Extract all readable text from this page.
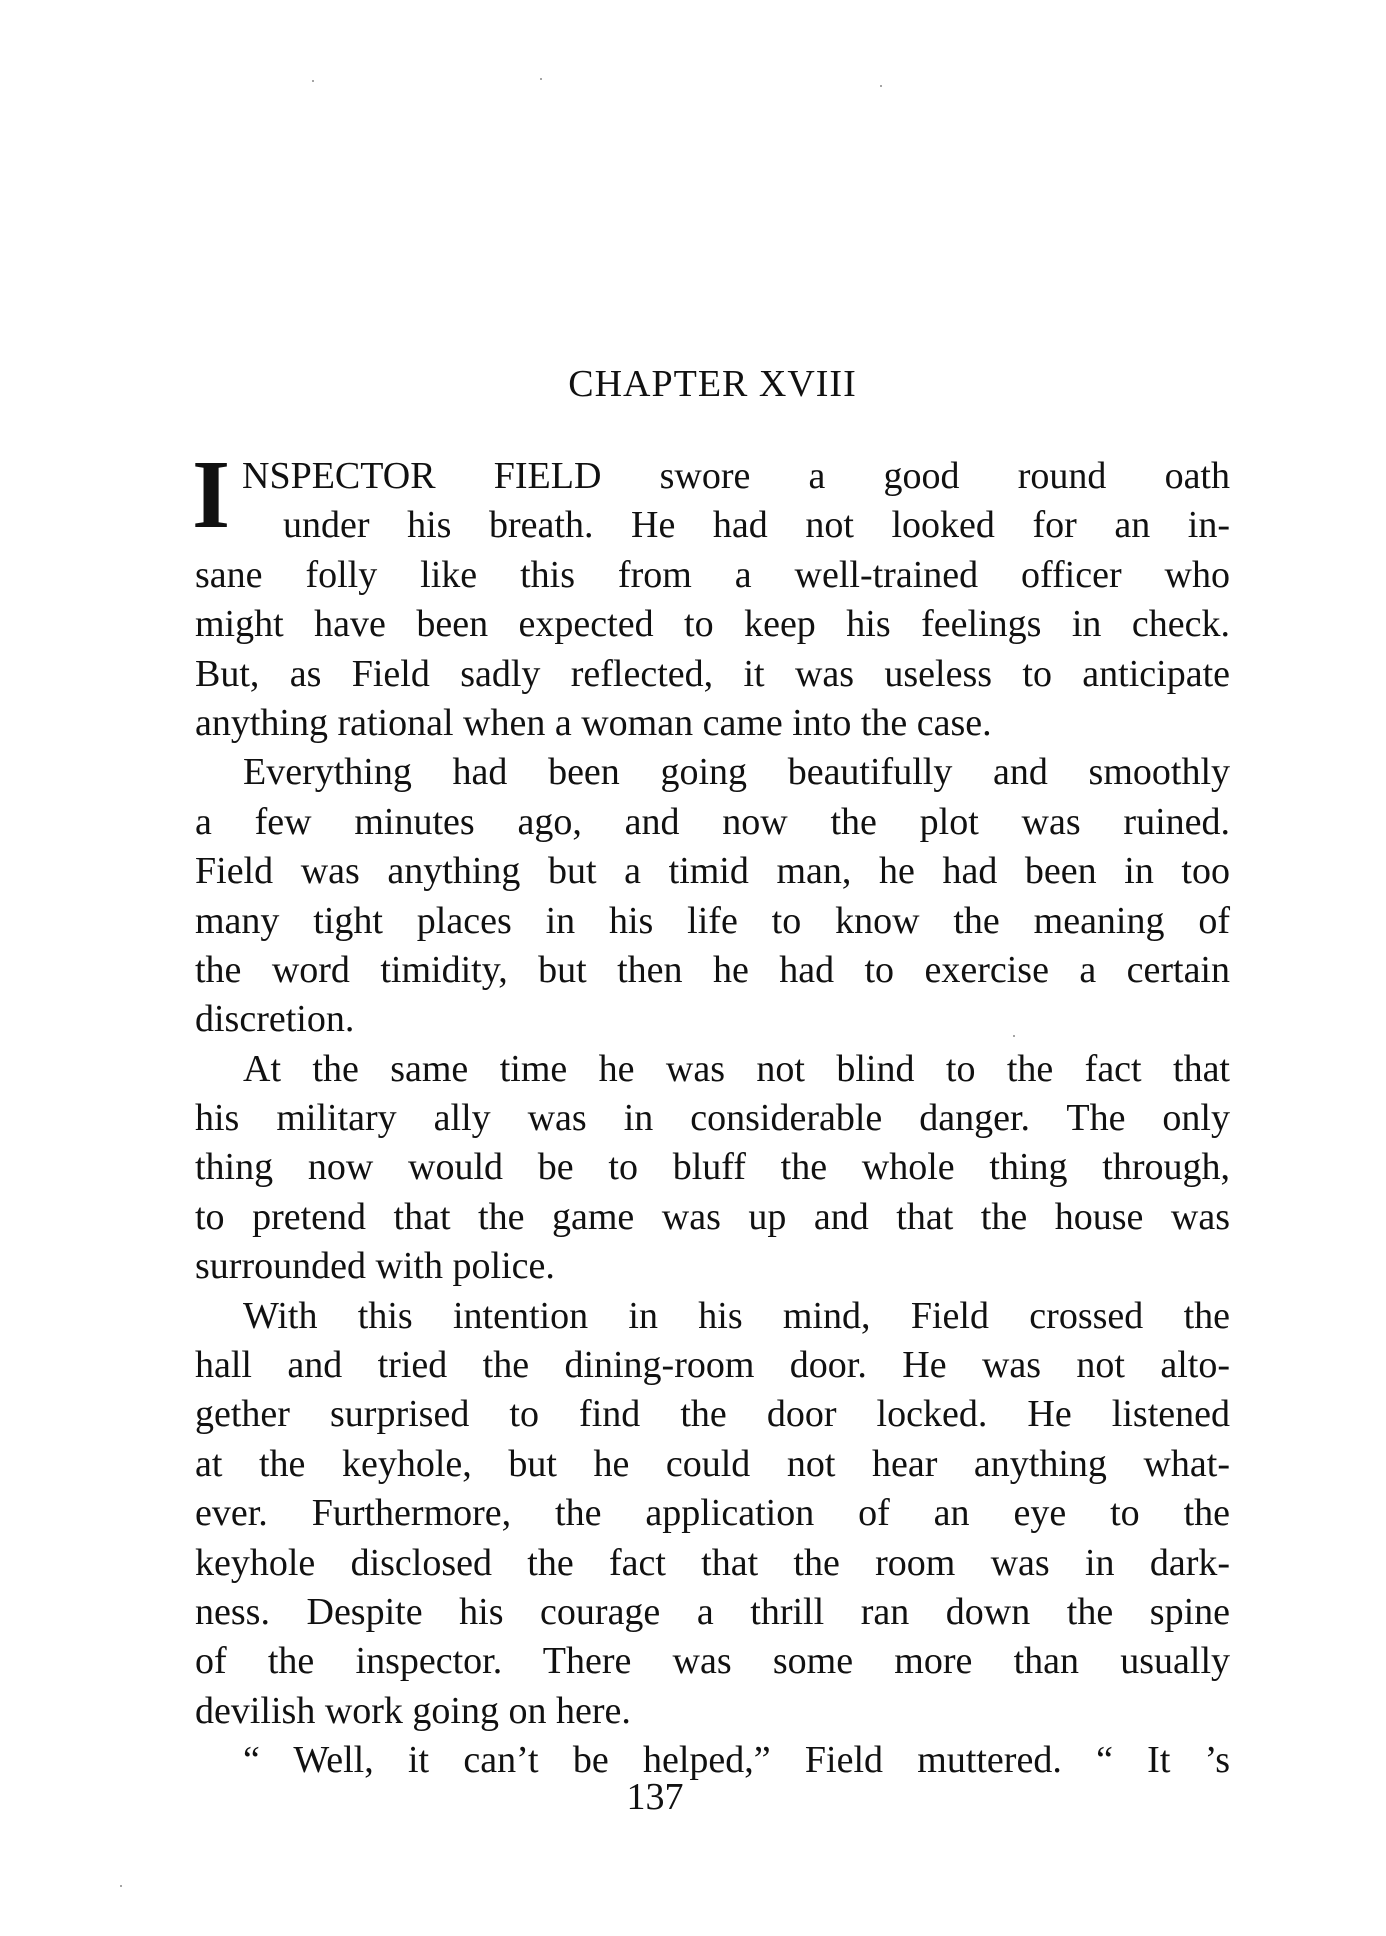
CHAPTER XVIII
I NSPECTOR FIELD swore a good round oath
under his breath. He had not looked for an in-
sane folly like this from a well-trained officer who
might have been expected to keep his feelings in check.
But, as Field sadly reflected, it was useless to anticipate
anything rational when a woman came into the case.
Everything had been going beautifully and smoothly
a few minutes ago, and now the plot was ruined.
Field was anything but a timid man, he had been in too
many tight places in his life to know the meaning of
the word timidity, but then he had to exercise a certain
discretion.
At the same time he was not blind to the fact that
his military ally was in considerable danger. The only
thing now would be to bluff the whole thing through,
to pretend that the game was up and that the house was
surrounded with police.
With this intention in his mind, Field crossed the
hall and tried the dining-room door. He was not alto-
gether surprised to find the door locked. He listened
at the keyhole, but he could not hear anything what-
ever. Furthermore, the application of an eye to the
keyhole disclosed the fact that the room was in dark-
ness. Despite his courage a thrill ran down the spine
of the inspector. There was some more than usually
devilish work going on here.
“ Well, it can’t be helped,” Field muttered. “ It ’s
137
